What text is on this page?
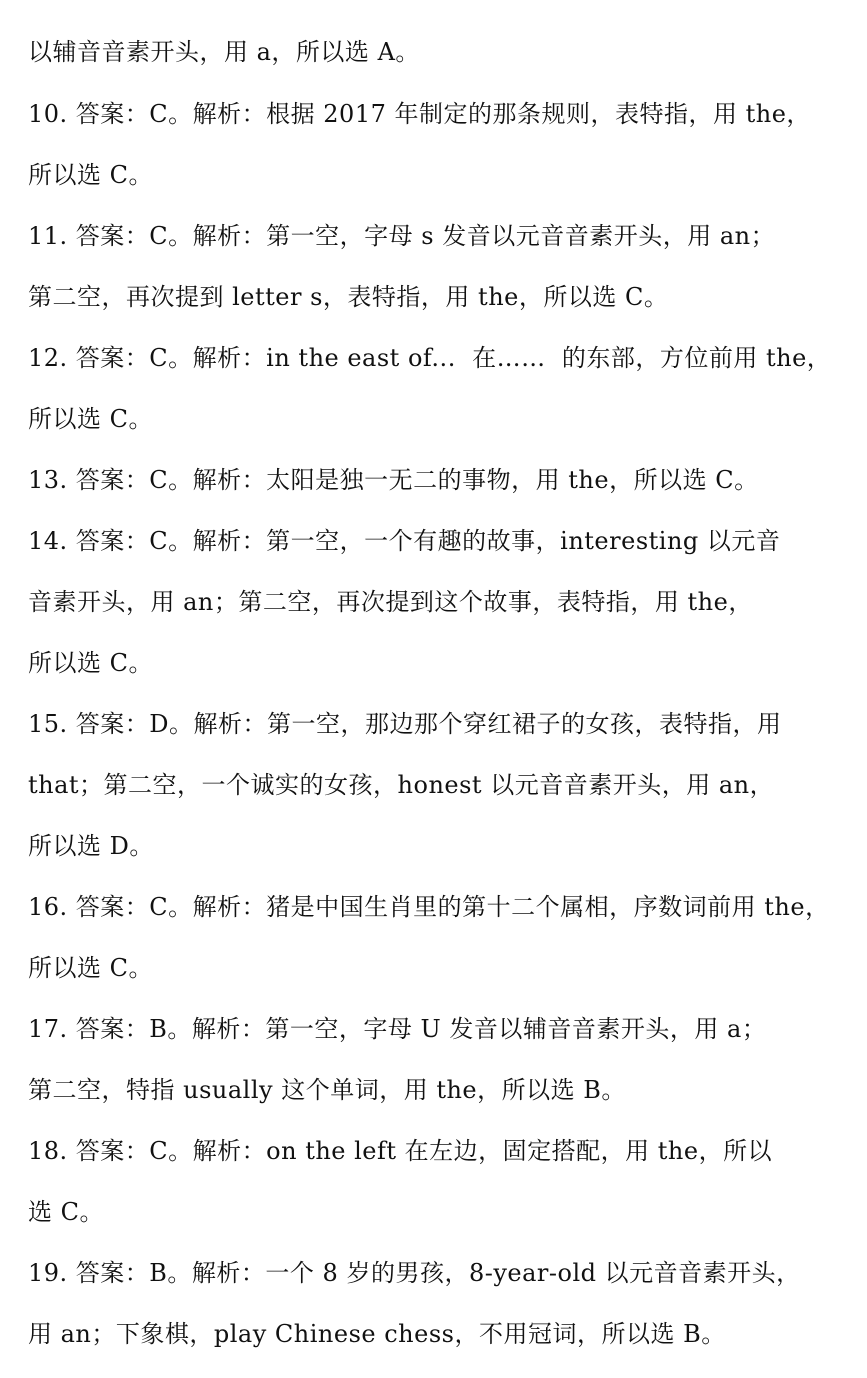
以辅音音素开头，用 a，所以选 A。
10. 答案：C。解析：根据 2017 年制定的那条规则，表特指，用 the，
所以选 C。
11. 答案：C。解析：第一空，字母 s 发音以元音音素开头，用 an；
第二空，再次提到 letter s，表特指，用 the，所以选 C。
12. 答案：C。解析：in the east of...  在……  的东部，方位前用 the，
所以选 C。
13. 答案：C。解析：太阳是独一无二的事物，用 the，所以选 C。
14. 答案：C。解析：第一空，一个有趣的故事，interesting 以元音
音素开头，用 an；第二空，再次提到这个故事，表特指，用 the，
所以选 C。
15. 答案：D。解析：第一空，那边那个穿红裙子的女孩，表特指，用
that；第二空，一个诚实的女孩，honest 以元音音素开头，用 an，
所以选 D。
16. 答案：C。解析：猪是中国生肖里的第十二个属相，序数词前用 the，
所以选 C。
17. 答案：B。解析：第一空，字母 U 发音以辅音音素开头，用 a；
第二空，特指 usually 这个单词，用 the，所以选 B。
18. 答案：C。解析：on the left 在左边，固定搭配，用 the，所以
选 C。
19. 答案：B。解析：一个 8 岁的男孩，8-year-old 以元音音素开头，
用 an；下象棋，play Chinese chess，不用冠词，所以选 B。
